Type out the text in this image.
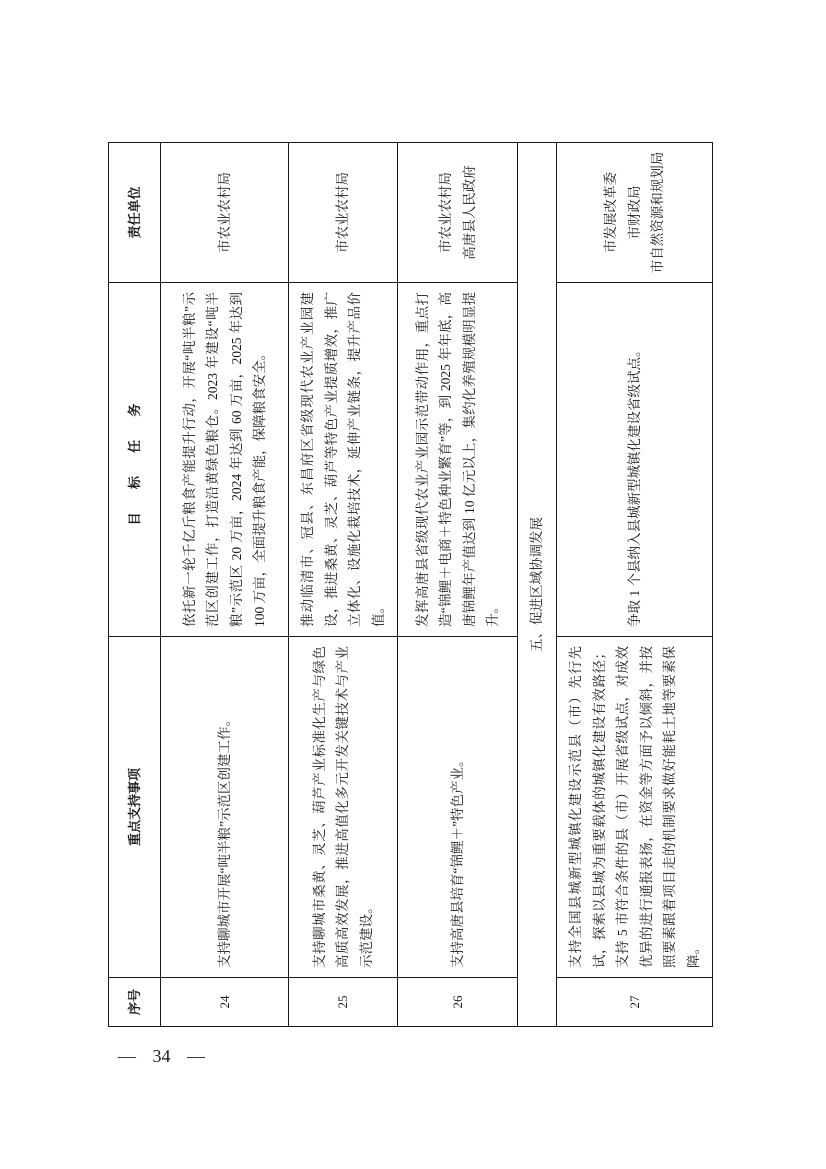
序号	重点支持事项	目 标 任 务	责任单位
24	支持聊城市开展“吨半粮”示范区创建工作。	依托新一轮千亿斤粮食产能提升行动，开展“吨半粮”示范区创建工作，打造沿黄绿色粮仓。2023 年建设“吨半粮”示范区 20 万亩，2024 年达到 60 万亩，2025 年达到 100 万亩，全面提升粮食产能，保障粮食安全。	市农业农村局

25	支持聊城市桑黄、灵芝、葫芦产业标准化生产与绿色高质高效发展，推进高值化多元开发关键技术与产业示范建设。	推动临清市、冠县、东昌府区省级现代农业产业园建设，推进桑黄、灵芝、葫芦等特色产业提质增效，推广立体化、设施化栽培技术，延伸产业链条，提升产品价值。	市农业农村局

26	支持高唐县培育“锦鲤＋”特色产业。	发挥高唐县省级现代农业产业园示范带动作用，重点打造“锦鲤＋电商＋特色种业繁育”等，到 2025 年年底，高唐锦鲤年产值达到 10 亿元以上，集约化养殖规模明显提升。	市农业农村局 高唐县人民政府

五、促进区域协调发展			
27	支持全国县城新型城镇化建设示范县（市）先行先试，探索以县城为重要载体的城镇化建设有效路径；支持 5 市符合条件的县（市）开展省级试点，对成效优异的进行通报表扬，在资金等方面予以倾斜，并按照要素跟着项目走的机制要求做好能耗土地等要素保障。	争取 1 个县纳入县城新型城镇化建设省级试点。	市发展改革委 市财政局 市自然资源和规划局
— 34 —
